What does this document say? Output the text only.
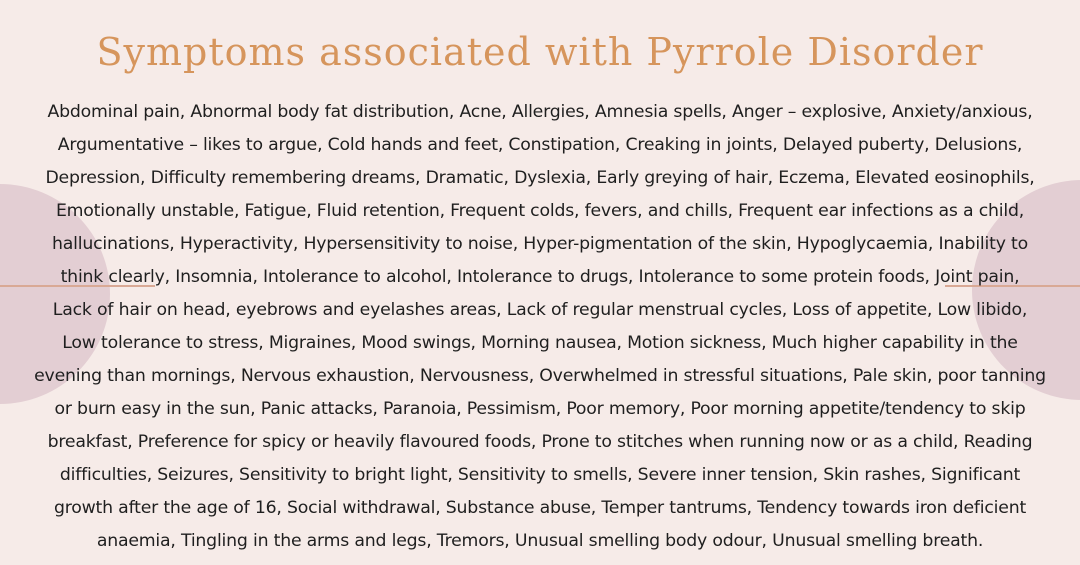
Symptoms associated with Pyrrole Disorder
Abdominal pain, Abnormal body fat distribution, Acne, Allergies, Amnesia spells, Anger – explosive, Anxiety/anxious,
Argumentative – likes to argue, Cold hands and feet, Constipation, Creaking in joints, Delayed puberty, Delusions,
Depression, Difficulty remembering dreams, Dramatic, Dyslexia, Early greying of hair, Eczema, Elevated eosinophils,
Emotionally unstable, Fatigue, Fluid retention, Frequent colds, fevers, and chills, Frequent ear infections as a child,
hallucinations, Hyperactivity, Hypersensitivity to noise, Hyper-pigmentation of the skin, Hypoglycaemia, Inability to
think clearly, Insomnia, Intolerance to alcohol, Intolerance to drugs, Intolerance to some protein foods, Joint pain,
Lack of hair on head, eyebrows and eyelashes areas, Lack of regular menstrual cycles, Loss of appetite, Low libido,
Low tolerance to stress, Migraines, Mood swings, Morning nausea, Motion sickness, Much higher capability in the
evening than mornings, Nervous exhaustion, Nervousness, Overwhelmed in stressful situations, Pale skin, poor tanning
or burn easy in the sun, Panic attacks, Paranoia, Pessimism, Poor memory, Poor morning appetite/tendency to skip
breakfast, Preference for spicy or heavily flavoured foods, Prone to stitches when running now or as a child, Reading
difficulties, Seizures, Sensitivity to bright light, Sensitivity to smells, Severe inner tension, Skin rashes, Significant
growth after the age of 16, Social withdrawal, Substance abuse, Temper tantrums, Tendency towards iron deficient
anaemia, Tingling in the arms and legs, Tremors, Unusual smelling body odour, Unusual smelling breath.
